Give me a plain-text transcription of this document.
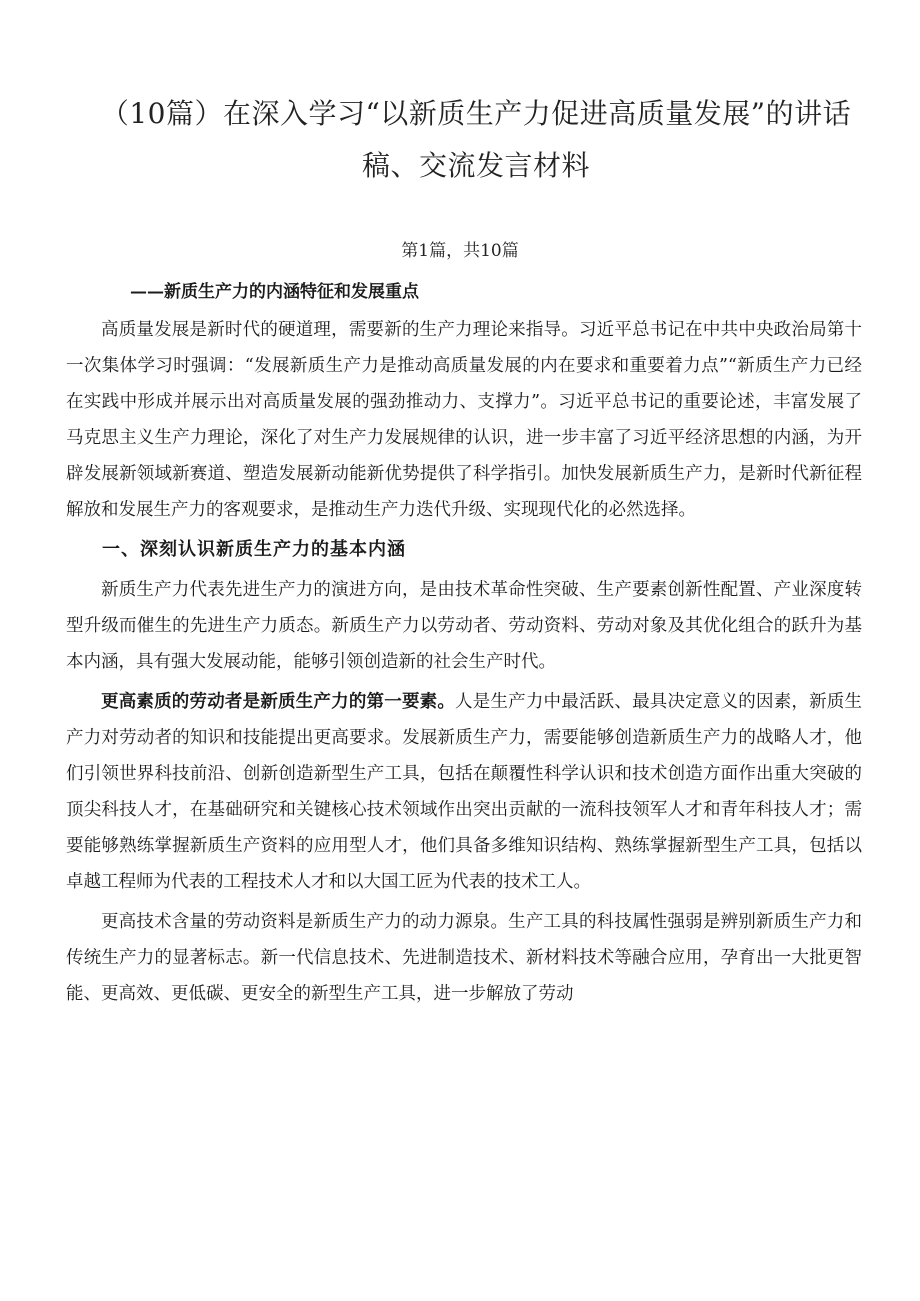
（10篇）在深入学习“以新质生产力促进高质量发展”的讲话
稿、交流发言材料
第1篇，共10篇
——新质生产力的内涵特征和发展重点

高质量发展是新时代的硬道理，需要新的生产力理论来指导。习近平总书记在中共中央政治局第十一次集体学习时强调：“发展新质生产力是推动高质量发展的内在要求和重要着力点”“新质生产力已经在实践中形成并展示出对高质量发展的强劲推动力、支撑力”。习近平总书记的重要论述，丰富发展了马克思主义生产力理论，深化了对生产力发展规律的认识，进一步丰富了习近平经济思想的内涵，为开辟发展新领域新赛道、塑造发展新动能新优势提供了科学指引。加快发展新质生产力，是新时代新征程解放和发展生产力的客观要求，是推动生产力迭代升级、实现现代化的必然选择。

一、深刻认识新质生产力的基本内涵

新质生产力代表先进生产力的演进方向，是由技术革命性突破、生产要素创新性配置、产业深度转型升级而催生的先进生产力质态。新质生产力以劳动者、劳动资料、劳动对象及其优化组合的跃升为基本内涵，具有强大发展动能，能够引领创造新的社会生产时代。

更高素质的劳动者是新质生产力的第一要素。人是生产力中最活跃、最具决定意义的因素，新质生产力对劳动者的知识和技能提出更高要求。发展新质生产力，需要能够创造新质生产力的战略人才，他们引领世界科技前沿、创新创造新型生产工具，包括在颠覆性科学认识和技术创造方面作出重大突破的顶尖科技人才，在基础研究和关键核心技术领域作出突出贡献的一流科技领军人才和青年科技人才；需要能够熟练掌握新质生产资料的应用型人才，他们具备多维知识结构、熟练掌握新型生产工具，包括以卓越工程师为代表的工程技术人才和以大国工匠为代表的技术工人。

更高技术含量的劳动资料是新质生产力的动力源泉。生产工具的科技属性强弱是辨别新质生产力和传统生产力的显著标志。新一代信息技术、先进制造技术、新材料技术等融合应用，孕育出一大批更智能、更高效、更低碳、更安全的新型生产工具，进一步解放了劳动
